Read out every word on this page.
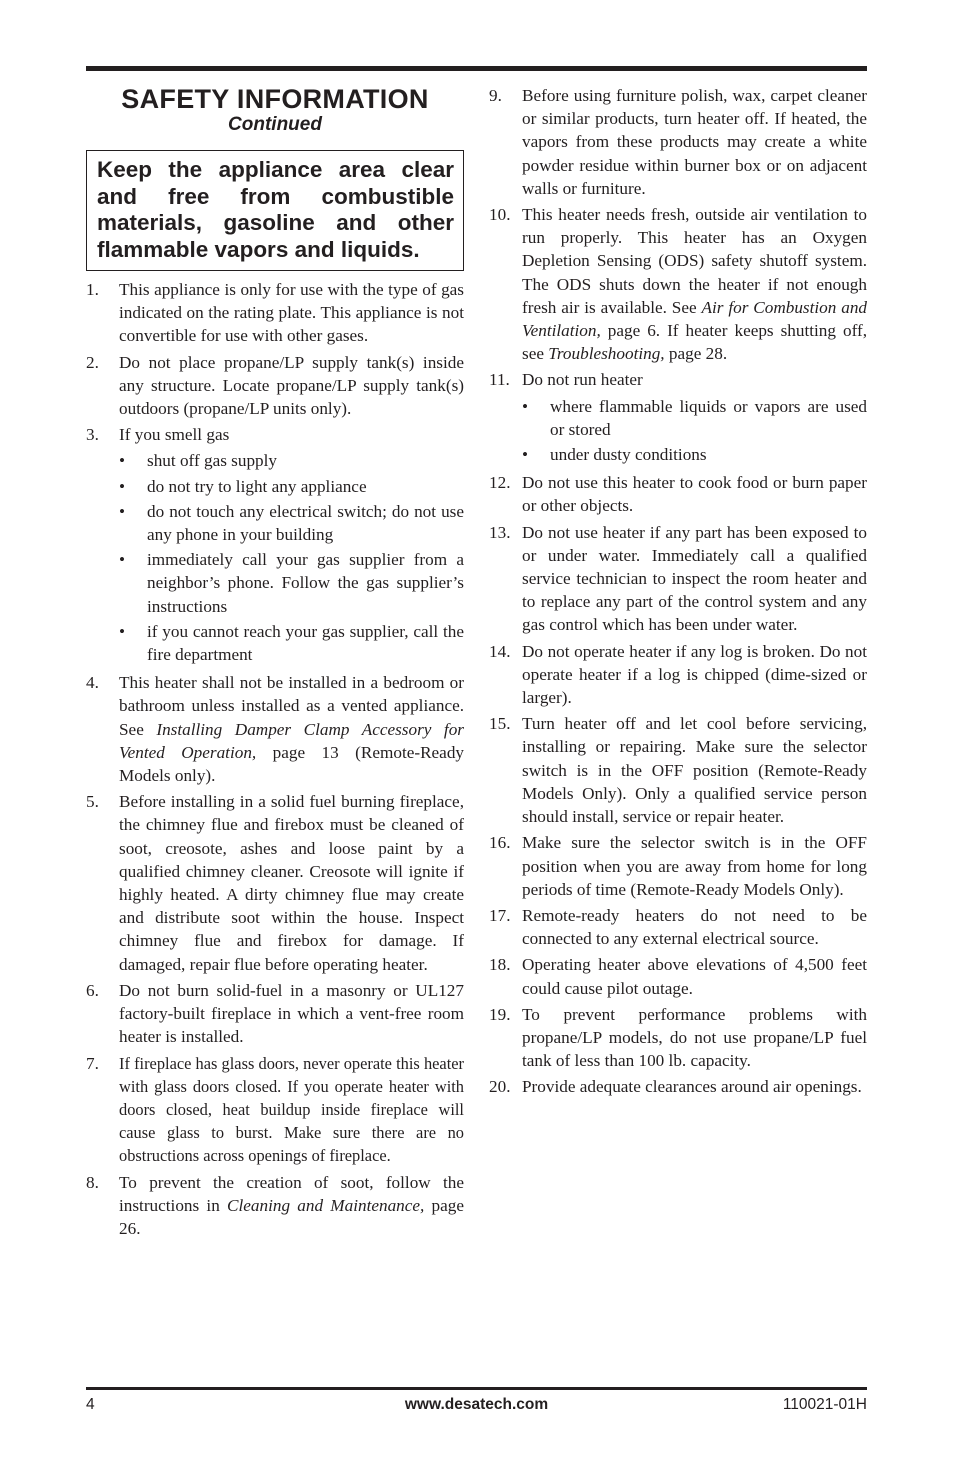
SAFETY INFORMATION
Continued
Keep the appliance area clear and free from combustible materials, gasoline and other flammable vapors and liquids.
1.	This appliance is only for use with the type of gas indicated on the rating plate. This appliance is not convertible for use with other gases.
2.	Do not place propane/LP supply tank(s) inside any structure. Locate propane/LP supply tank(s) outdoors (propane/LP units only).
3.	If you smell gas
•	shut off gas supply
•	do not try to light any appliance
•	do not touch any electrical switch; do not use any phone in your building
•	immediately call your gas supplier from a neighbor’s phone. Follow the gas supplier’s instructions
•	if you cannot reach your gas supplier, call the fire department
4.	This heater shall not be installed in a bedroom or bathroom unless installed as a vented appliance. See Installing Damper Clamp Accessory for Vented Operation, page 13 (Remote-Ready Models only).
5.	Before installing in a solid fuel burning fireplace, the chimney flue and firebox must be cleaned of soot, creosote, ashes and loose paint by a qualified chimney cleaner. Creosote will ignite if highly heated. A dirty chimney flue may create and distribute soot within the house. Inspect chimney flue and firebox for damage. If damaged, repair flue before operating heater.
6.	Do not burn solid-fuel in a masonry or UL127 factory-built fireplace in which a vent-free room heater is installed.
7.	If fireplace has glass doors, never operate this heater with glass doors closed. If you operate heater with doors closed, heat buildup inside fireplace will cause glass to burst. Make sure there are no obstructions across openings of fireplace.
8.	To prevent the creation of soot, follow the instructions in Cleaning and Maintenance, page 26.
9.	Before using furniture polish, wax, carpet cleaner or similar products, turn heater off. If heated, the vapors from these products may create a white powder residue within burner box or on adjacent walls or furniture.
10. This heater needs fresh, outside air ventilation to run properly. This heater has an Oxygen Depletion Sensing (ODS) safety shutoff system. The ODS shuts down the heater if not enough fresh air is available. See Air for Combustion and Ventilation, page 6. If heater keeps shutting off, see Troubleshooting, page 28.
11. Do not run heater
•	where flammable liquids or vapors are used or stored
•	under dusty conditions
12. Do not use this heater to cook food or burn paper or other objects.
13. Do not use heater if any part has been exposed to or under water. Immediately call a qualified service technician to inspect the room heater and to replace any part of the control system and any gas control which has been under water.
14. Do not operate heater if any log is broken. Do not operate heater if a log is chipped (dime-sized or larger).
15. Turn heater off and let cool before servicing, installing or repairing. Make sure the selector switch is in the OFF position (Remote-Ready Models Only). Only a qualified service person should install, service or repair heater.
16. Make sure the selector switch is in the OFF position when you are away from home for long periods of time (Remote-Ready Models Only).
17. Remote-ready heaters do not need to be connected to any external electrical source.
18. Operating heater above elevations of 4,500 feet could cause pilot outage.
19. To prevent performance problems with propane/LP models, do not use propane/LP fuel tank of less than 100 lb. capacity.
20. Provide adequate clearances around air openings.
4	www.desatech.com	110021-01H
